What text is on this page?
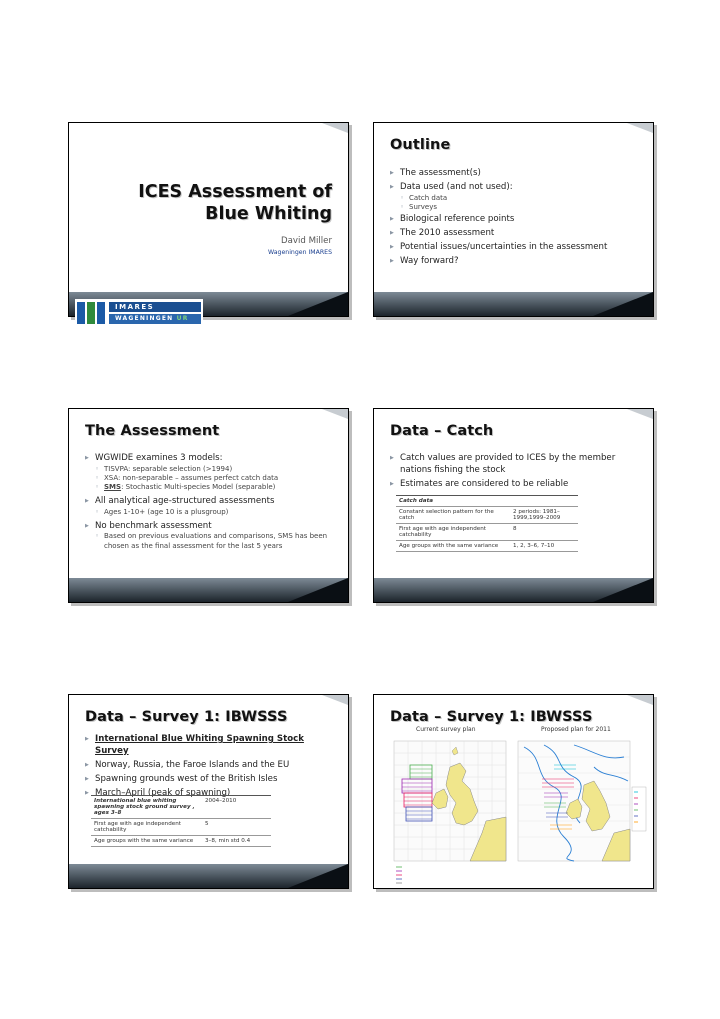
ICES Assessment of
Blue Whiting
David Miller
Wageningen IMARES
IMARES
WAGENINGEN UR
Outline
▶ The assessment(s)
▶ Data used (and not used):
◦ Catch data
◦ Surveys
▶ Biological reference points
▶ The 2010 assessment
▶ Potential issues/uncertainties in the assessment
▶ Way forward?
The Assessment
▶ WGWIDE examines 3 models:
◦ TISVPA: separable selection (>1994)
◦ XSA: non-separable – assumes perfect catch data
◦ SMS: Stochastic Multi-species Model (separable)
▶ All analytical age-structured assessments
◦ Ages 1-10+ (age 10 is a plusgroup)
▶ No benchmark assessment
◦ Based on previous evaluations and comparisons, SMS has been chosen as the final assessment for the last 5 years
Data – Catch
▶ Catch values are provided to ICES by the member nations fishing the stock
▶ Estimates are considered to be reliable
Catch data	
Constant selection pattern for the catch	2 periods: 1981–1999,1999–2009
First age with age independent catchability	8
Age groups with the same variance	1, 2, 3–6, 7–10
Data – Survey 1: IBWSSS
▶ International Blue Whiting Spawning Stock Survey
▶ Norway, Russia, the Faroe Islands and the EU
▶ Spawning grounds west of the British Isles
▶ March–April (peak of spawning)
International blue whiting spawning stock ground survey , ages 3–8	2004–2010
First age with age independent catchability	5
Age groups with the same variance	3–8, min std 0.4
Data – Survey 1: IBWSSS
Current survey plan	Proposed plan for 2011
